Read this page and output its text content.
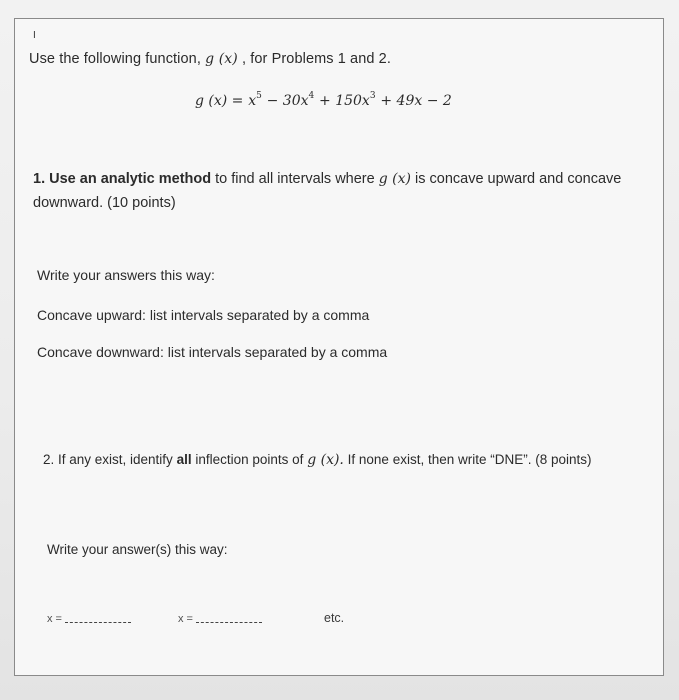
Use the following function, g (x) , for Problems 1 and 2.
g $(x) = x^5 - 30x^4 + 150x^3 + 49x - 2$
1. Use an analytic method to find all intervals where g (x) is concave upward and concave downward. (10 points)
Write your answers this way:
Concave upward: list intervals separated by a comma
Concave downward: list intervals separated by a comma
2. If any exist, identify all inflection points of g (x). If none exist, then write “DNE”. (8 points)
Write your answer(s) this way:
x =	x =	etc.
I
